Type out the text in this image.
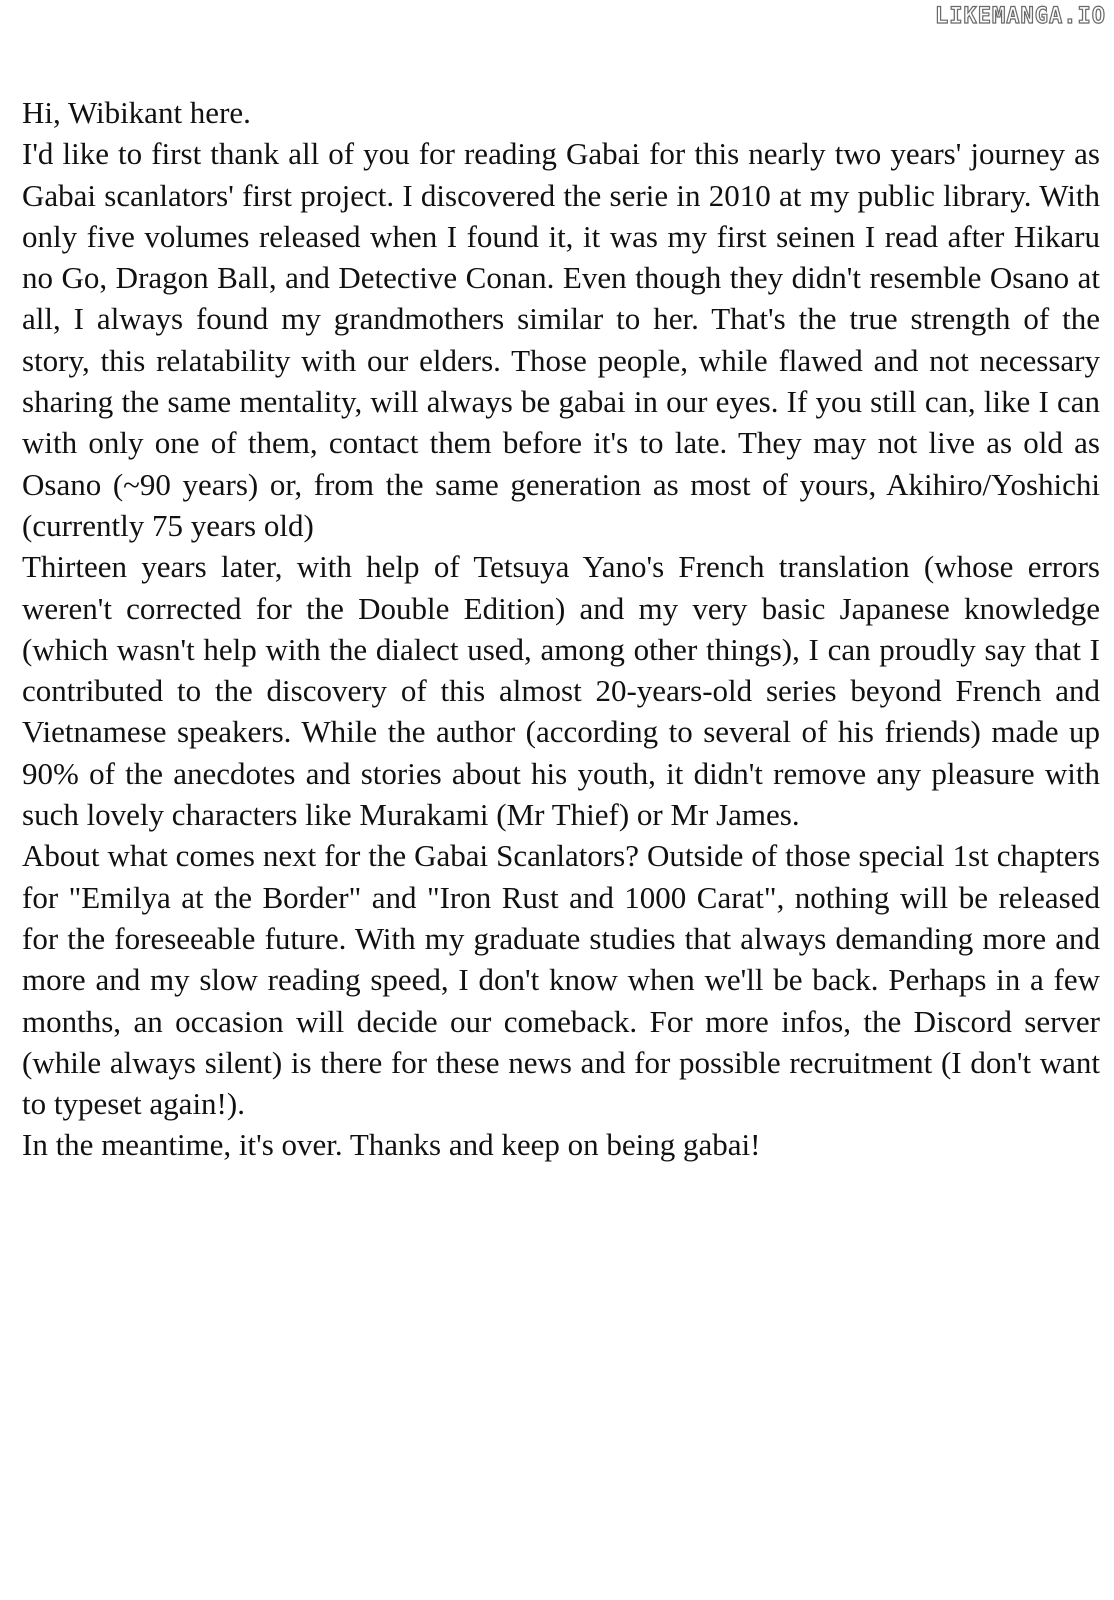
LIKEMANGA.IO

Hi, Wibikant here.

I'd like to first thank all of you for reading Gabai for this nearly two years' journey as Gabai scanlators' first project. I discovered the serie in 2010 at my public library. With only five volumes released when I found it, it was my first seinen I read after Hikaru no Go, Dragon Ball, and Detective Conan. Even though they didn't resemble Osano at all, I always found my grandmothers similar to her. That's the true strength of the story, this relatability with our elders. Those people, while flawed and not necessary sharing the same mentality, will always be gabai in our eyes. If you still can, like I can with only one of them, contact them before it's to late. They may not live as old as Osano (~90 years) or, from the same generation as most of yours, Akihiro/Yoshichi (currently 75 years old)

Thirteen years later, with help of Tetsuya Yano's French translation (whose errors weren't corrected for the Double Edition) and my very basic Japanese knowledge (which wasn't help with the dialect used, among other things), I can proudly say that I contributed to the discovery of this almost 20-years-old series beyond French and Vietnamese speakers. While the author (according to several of his friends) made up 90% of the anecdotes and stories about his youth, it didn't remove any pleasure with such lovely characters like Murakami (Mr Thief) or Mr James.

About what comes next for the Gabai Scanlators? Outside of those special 1st chapters for "Emilya at the Border" and "Iron Rust and 1000 Carat", nothing will be released for the foreseeable future. With my graduate studies that always demanding more and more and my slow reading speed, I don't know when we'll be back. Perhaps in a few months, an occasion will decide our comeback. For more infos, the Discord server (while always silent) is there for these news and for possible recruitment (I don't want to typeset again!).

In the meantime, it's over. Thanks and keep on being gabai!
